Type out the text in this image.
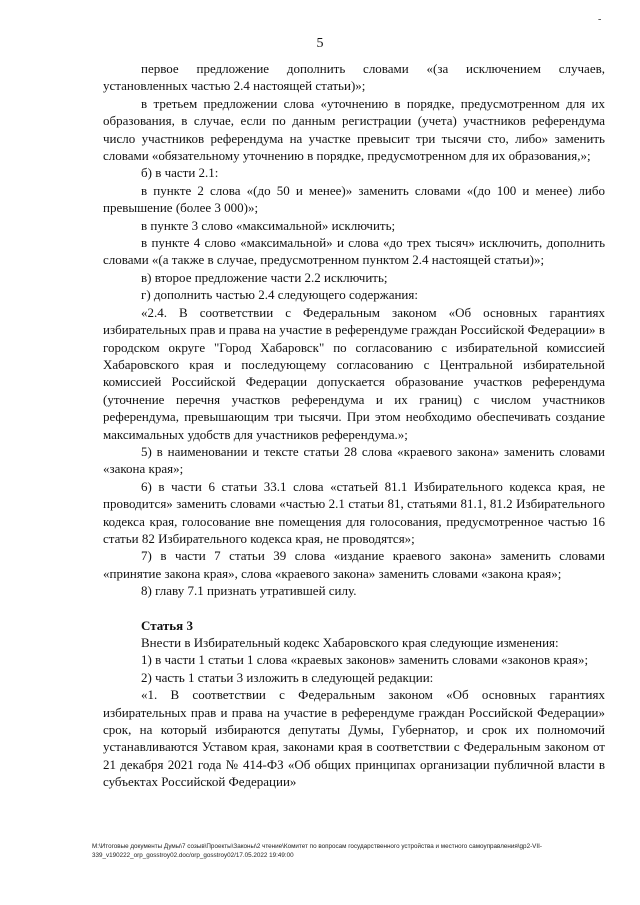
-
5

первое предложение дополнить словами «(за исключением случаев, установленных частью 2.4 настоящей статьи)»;

в третьем предложении слова «уточнению в порядке, предусмотренном для их образования, в случае, если по данным регистрации (учета) участников референдума число участников референдума на участке превысит три тысячи сто, либо» заменить словами «обязательному уточнению в порядке, предусмотренном для их образования,»;

б) в части 2.1:

в пункте 2 слова «(до 50 и менее)» заменить словами «(до 100 и менее) либо превышение (более 3 000)»;

в пункте 3 слово «максимальной» исключить;

в пункте 4 слово «максимальной» и слова «до трех тысяч» исключить, дополнить словами «(а также в случае, предусмотренном пунктом 2.4 настоящей статьи)»;

в) второе предложение части 2.2 исключить;

г) дополнить частью 2.4 следующего содержания:

«2.4. В соответствии с Федеральным законом «Об основных гарантиях избирательных прав и права на участие в референдуме граждан Российской Федерации» в городском округе "Город Хабаровск" по согласованию с избирательной комиссией Хабаровского края и последующему согласованию с Центральной избирательной комиссией Российской Федерации допускается образование участков референдума (уточнение перечня участков референдума и их границ) с числом участников референдума, превышающим три тысячи. При этом необходимо обеспечивать создание максимальных удобств для участников референдума.»;

5) в наименовании и тексте статьи 28 слова «краевого закона» заменить словами «закона края»;

6) в части 6 статьи 33.1 слова «статьей 81.1 Избирательного кодекса края, не проводится» заменить словами «частью 2.1 статьи 81, статьями 81.1, 81.2 Избирательного кодекса края, голосование вне помещения для голосования, предусмотренное частью 16 статьи 82 Избирательного кодекса края, не проводятся»;

7) в части 7 статьи 39 слова «издание краевого закона» заменить словами «принятие закона края», слова «краевого закона» заменить словами «закона края»;

8) главу 7.1 признать утратившей силу.

Статья 3

Внести в Избирательный кодекс Хабаровского края следующие изменения:

1) в части 1 статьи 1 слова «краевых законов» заменить словами «законов края»;

2) часть 1 статьи 3 изложить в следующей редакции:

«1. В соответствии с Федеральным законом «Об основных гарантиях избирательных прав и права на участие в референдуме граждан Российской Федерации» срок, на который избираются депутаты Думы, Губернатор, и срок их полномочий устанавливаются Уставом края, законами края в соответствии с Федеральным законом от 21 декабря 2021 года № 414-ФЗ «Об общих принципах организации публичной власти в субъектах Российской Федерации»

M:\Итоговые документы Думы\7 созыв\Проекты\Законы\2 чтение\Комитет по вопросам государственного устройства и местного самоуправления\gp2-VII-
339_v190222_orp_gosstroy02.doc/orp_gosstroy02/17.05.2022 19:49:00
